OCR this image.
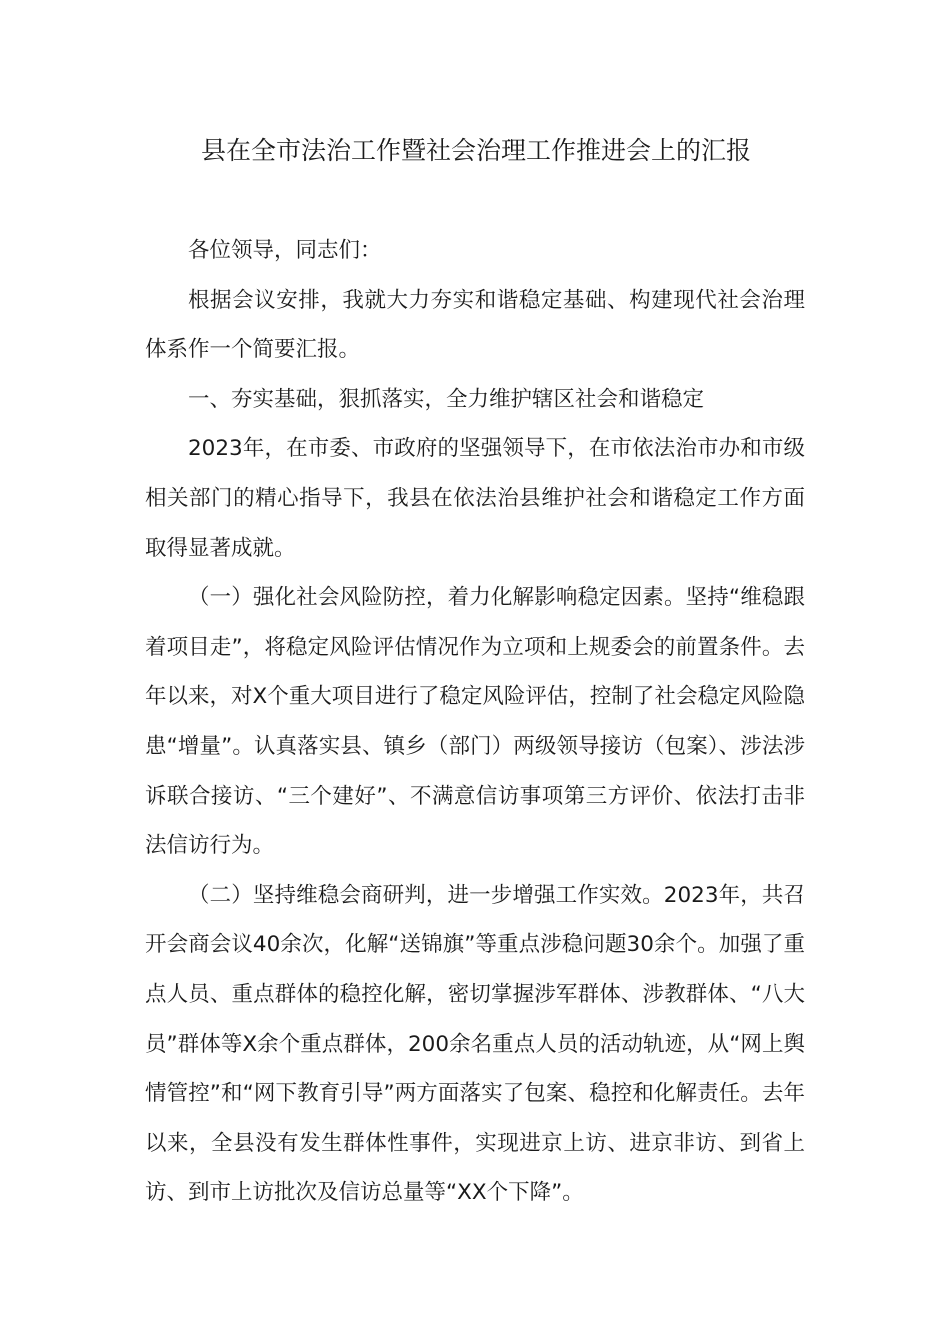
县在全市法治工作暨社会治理工作推进会上的汇报

各位领导，同志们：

根据会议安排，我就大力夯实和谐稳定基础、构建现代社会治理体系作一个简要汇报。

一、夯实基础，狠抓落实，全力维护辖区社会和谐稳定

2023年，在市委、市政府的坚强领导下，在市依法治市办和市级相关部门的精心指导下，我县在依法治县维护社会和谐稳定工作方面取得显著成就。

（一）强化社会风险防控，着力化解影响稳定因素。坚持“维稳跟着项目走”，将稳定风险评估情况作为立项和上规委会的前置条件。去年以来，对X个重大项目进行了稳定风险评估，控制了社会稳定风险隐患“增量”。认真落实县、镇乡（部门）两级领导接访（包案）、涉法涉诉联合接访、“三个建好”、不满意信访事项第三方评价、依法打击非法信访行为。

（二）坚持维稳会商研判，进一步增强工作实效。2023年，共召开会商会议40余次，化解“送锦旗”等重点涉稳问题30余个。加强了重点人员、重点群体的稳控化解，密切掌握涉军群体、涉教群体、“八大员”群体等X余个重点群体，200余名重点人员的活动轨迹，从“网上舆情管控”和“网下教育引导”两方面落实了包案、稳控和化解责任。去年以来，全县没有发生群体性事件，实现进京上访、进京非访、到省上访、到市上访批次及信访总量等“XX个下降”。
